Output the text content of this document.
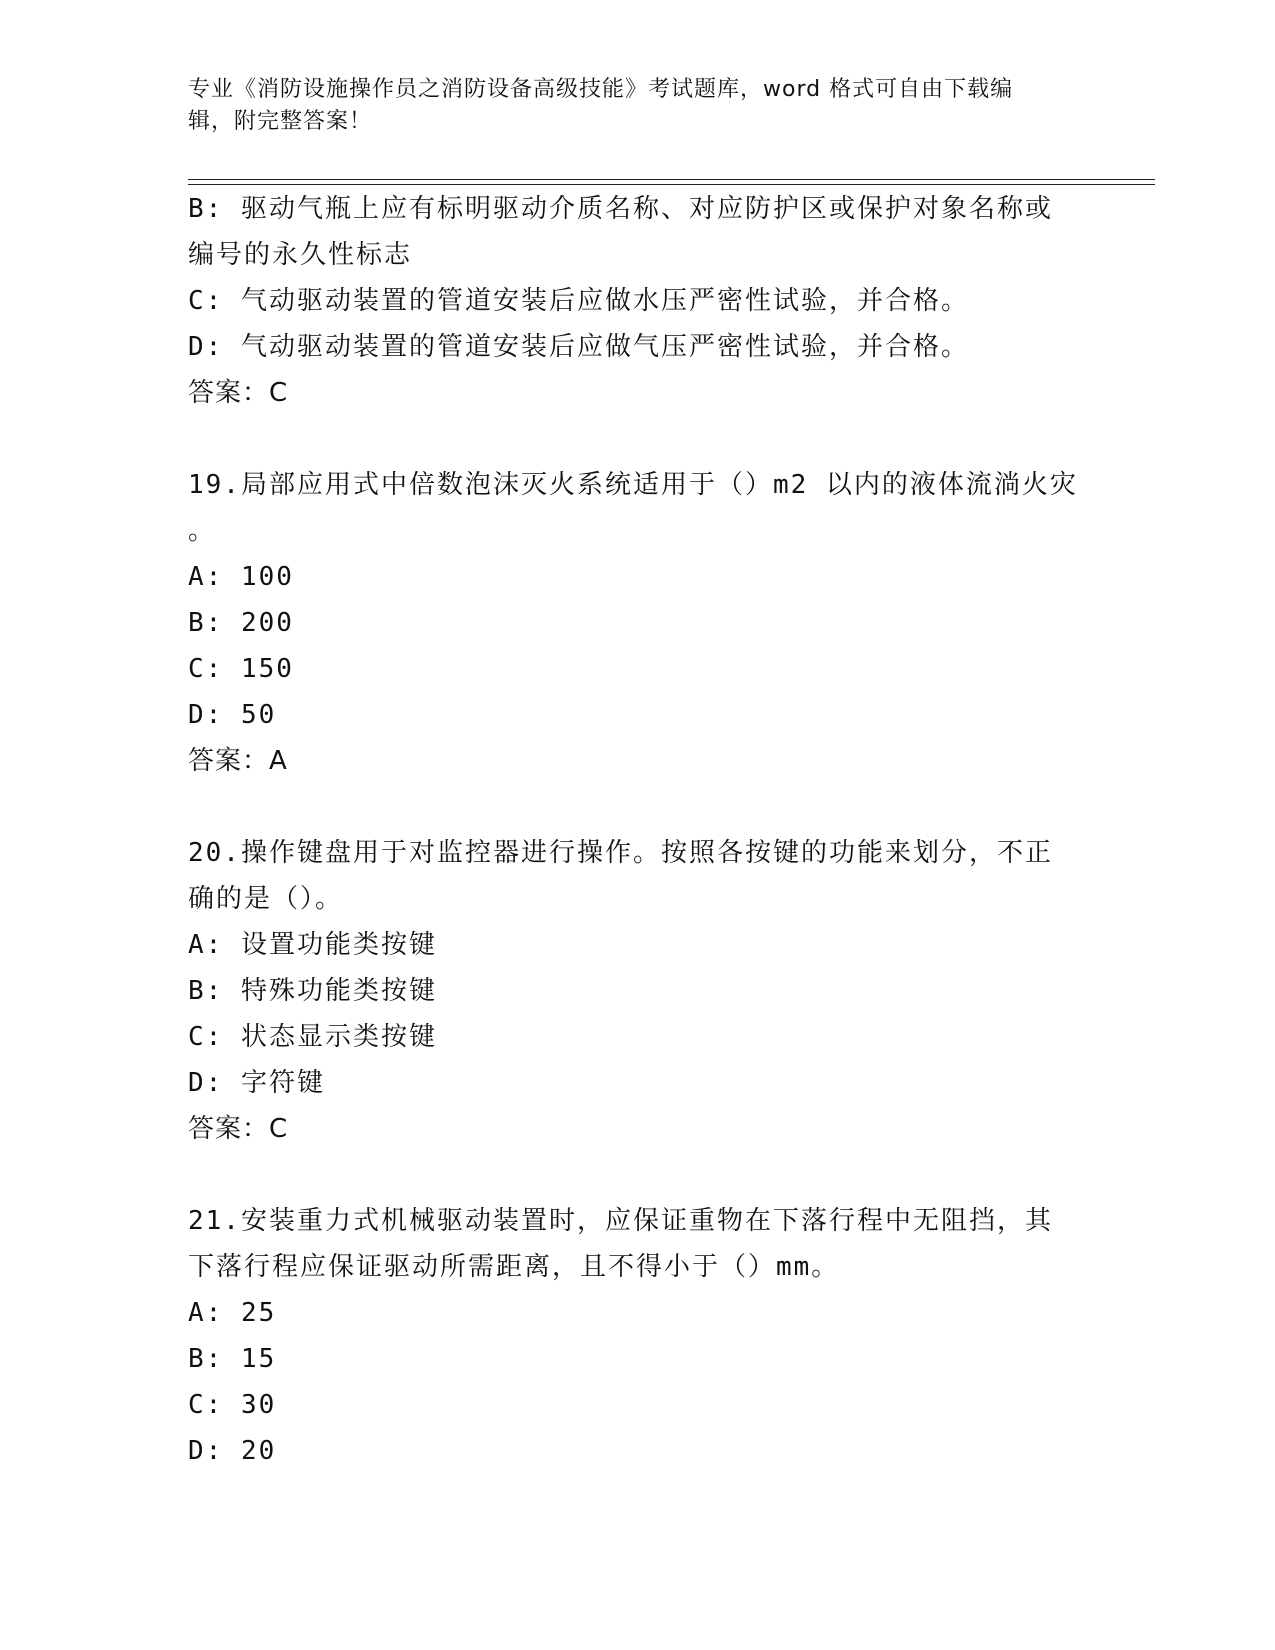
专业《消防设施操作员之消防设备高级技能》考试题库，word 格式可自由下载编
辑，附完整答案！
B: 驱动气瓶上应有标明驱动介质名称、对应防护区或保护对象名称或
编号的永久性标志
C: 气动驱动装置的管道安装后应做水压严密性试验，并合格。
D: 气动驱动装置的管道安装后应做气压严密性试验，并合格。
答案：C
19.局部应用式中倍数泡沫灭火系统适用于（）m2 以内的液体流淌火灾
。
A: 100
B: 200
C: 150
D: 50
答案：A
20.操作键盘用于对监控器进行操作。按照各按键的功能来划分，不正
确的是（）。
A: 设置功能类按键
B: 特殊功能类按键
C: 状态显示类按键
D: 字符键
答案：C
21.安装重力式机械驱动装置时，应保证重物在下落行程中无阻挡，其
下落行程应保证驱动所需距离，且不得小于（）mm。
A: 25
B: 15
C: 30
D: 20
